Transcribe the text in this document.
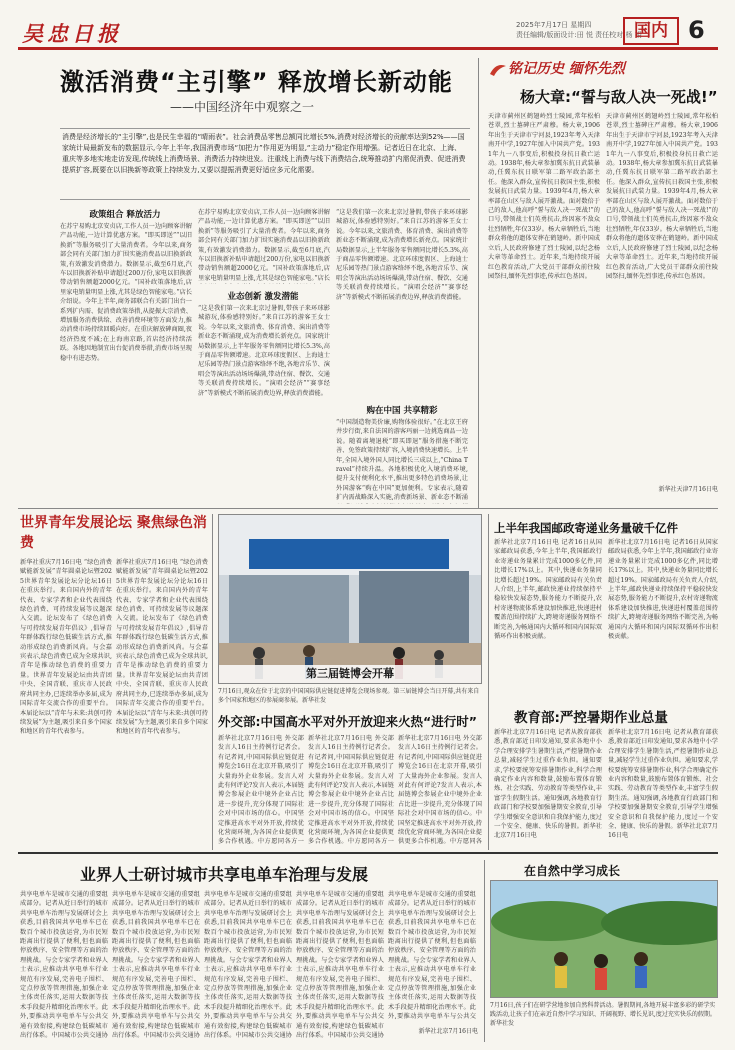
吴忠日报	2025年7月17日 星期四
责任编辑/版面设计:田 悦 责任校对:杨 娟
国内 6
激活消费“主引擎” 释放增长新动能
——中国经济年中观察之一
消费是经济增长的“主引擎”,也是民生幸福的“晴雨表”。社会消费品零售总额同比增长5%,消费对经济增长的贡献率达到52%——国家统计局最新发布的数据显示,今年上半年,我国消费市场“加把力”作用更为明显,“主动力”稳定作用增强。记者近日在北京、上海、重庆等多地实地走访发现,传统线上消费场景、消费活力持续迸发。注重线上消费与线下消费结合,统筹推动扩内需促消费、促进消费提质扩容,既要在以旧换新等政策上持续发力,又要以提振消费更好适应多元化需要。
政策组合 释放活力
在苏宁易购北京安贞店,工作人员一边向顾客讲解产品功能,一边计算优惠方案。“即买即送”“以旧换新”等服务吸引了大量消费者。今年以来,商务部会同有关部门加力扩围实施消费品以旧换新政策,有效激发消费潜力。数据显示,截至6月底,汽车以旧换新补贴申请超过200万份,家电以旧换新带动销售额超2000亿元。“国补政策落地后,店里家电销量明显上涨,尤其是绿色智能家电。”店长介绍说。今年上半年,商务部联合有关部门出台一系列扩内需、促消费政策举措,从提振大宗消费、增加服务消费供给、改善消费环境等方面发力,推动消费市场持续回暖向好。在重庆解放碑商圈,夜经济热度不减;在上海南京路,首店经济持续活跃。各地因地制宜出台促消费举措,消费市场呈现稳中有进态势。
业态创新 激发潜能
在苏宁易购北京安贞店,工作人员一边向顾客讲解产品功能,一边计算优惠方案。“即买即送”“以旧换新”等服务吸引了大量消费者。今年以来,商务部会同有关部门加力扩围实施消费品以旧换新政策,有效激发消费潜力。数据显示,截至6月底,汽车以旧换新补贴申请超过200万份,家电以旧换新带动销售额超2000亿元。“国补政策落地后,店里家电销量明显上涨,尤其是绿色智能家电。”店长
“这是我们第一次来北京过暑假,带孩子来环球影城游玩,体验感特别好。”来自江苏的游客王女士说。今年以来,文旅消费、体育消费、演出消费等新业态不断涌现,成为消费增长新亮点。国家统计局数据显示,上半年服务零售额同比增长5.3%,高于商品零售额增速。北京环球度假区、上海迪士尼乐园等热门景点游客络绎不绝,各地音乐节、演唱会等演出活动场场爆满,带动住宿、餐饮、交通等关联消费持续增长。“演唱会经济”“赛事经济”等新模式不断拓展消费边界,释放消费潜能。
“这是我们第一次来北京过暑假,带孩子来环球影城游玩,体验感特别好。”来自江苏的游客王女士说。今年以来,文旅消费、体育消费、演出消费等新业态不断涌现,成为消费增长新亮点。国家统计局数据显示,上半年服务零售额同比增长5.3%,高于商品零售额增速。北京环球度假区、上海迪士尼乐园等热门景点游客络绎不绝,各地音乐节、演唱会等演出活动场场爆满,带动住宿、餐饮、交通等关联消费持续增长。“演唱会经济”“赛事经济”等新模式不断拓展消费边界,释放消费潜能。
购在中国 共享精彩
“中国制造物美价廉,购物体验很好。”在北京王府井步行街,来自法国的游客玛丽一边挑选商品一边说。随着离境退税“即买即退”服务措施不断完善、免签政策持续扩容,入境消费快速增长。上半年,全国入境外国人同比增长三成以上,“China Travel”持续升温。各地积极优化入境消费环境,提升支付便利化水平,推出更多特色消费场景,让外国游客“购在中国”更加便利。专家表示,随着扩内需战略深入实施,消费新场景、新业态不断涌
铭记历史 缅怀先烈
杨大章:“誓与敌人决一死战!”
天津市蓟州区鹤翅岭烈士陵园,常年松柏苍翠,烈士墓碑庄严肃穆。杨大章,1906年出生于天津市宁河县,1923年考入天津南开中学,1927年加入中国共产党。1931年九一八事变后,积极投身抗日救亡运动。1938年,杨大章参加冀东抗日武装暴动,任冀东抗日联军第二路军政治部主任。他深入群众,宣传抗日救国主张,积极发展抗日武装力量。1939年4月,杨大章率部在山区与敌人展开激战。面对数倍于己的敌人,他高呼“誓与敌人决一死战!”的口号,带领战士们英勇抗击,终因寡不敌众壮烈牺牲,年仅33岁。杨大章牺牲后,当地群众将他的遗体安葬在鹤翅岭。新中国成立后,人民政府修建了烈士陵园,以纪念杨大章等革命烈士。近年来,当地持续开展红色教育活动,广大党员干部群众前往陵园祭扫,缅怀先烈事迹,传承红色基因。
天津市蓟州区鹤翅岭烈士陵园,常年松柏苍翠,烈士墓碑庄严肃穆。杨大章,1906年出生于天津市宁河县,1923年考入天津南开中学,1927年加入中国共产党。1931年九一八事变后,积极投身抗日救亡运动。1938年,杨大章参加冀东抗日武装暴动,任冀东抗日联军第二路军政治部主任。他深入群众,宣传抗日救国主张,积极发展抗日武装力量。1939年4月,杨大章率部在山区与敌人展开激战。面对数倍于己的敌人,他高呼“誓与敌人决一死战!”的口号,带领战士们英勇抗击,终因寡不敌众壮烈牺牲,年仅33岁。杨大章牺牲后,当地群众将他的遗体安葬在鹤翅岭。新中国成立后,人民政府修建了烈士陵园,以纪念杨大章等革命烈士。近年来,当地持续开展红色教育活动,广大党员干部群众前往陵园祭扫,缅怀先烈事迹,传承红色基因。
新华社天津7月16日电
世界青年发展论坛 聚焦绿色消费
新华社重庆7月16日电 “绿色消费赋能新发展”青年圆桌论坛暨2025世界青年发展论坛分论坛16日在重庆举行。来自国内外的青年代表、专家学者和企业代表围绕绿色消费、可持续发展等议题深入交流。论坛发布了《绿色消费与可持续发展青年倡议》,倡导青年群体践行绿色低碳生活方式,推动形成绿色消费新风尚。与会嘉宾表示,绿色消费已成为全球共识,青年是推动绿色消费的重要力量。世界青年发展论坛由共青团中央、全国青联、重庆市人民政府共同主办,已连续举办多届,成为国际青年交流合作的重要平台。本届论坛以“青年与未来:共创可持续发展”为主题,吸引来自多个国家和地区的青年代表参与。
新华社重庆7月16日电 “绿色消费赋能新发展”青年圆桌论坛暨2025世界青年发展论坛分论坛16日在重庆举行。来自国内外的青年代表、专家学者和企业代表围绕绿色消费、可持续发展等议题深入交流。论坛发布了《绿色消费与可持续发展青年倡议》,倡导青年群体践行绿色低碳生活方式,推动形成绿色消费新风尚。与会嘉宾表示,绿色消费已成为全球共识,青年是推动绿色消费的重要力量。世界青年发展论坛由共青团中央、全国青联、重庆市人民政府共同主办,已连续举办多届,成为国际青年交流合作的重要平台。本届论坛以“青年与未来:共创可持续发展”为主题,吸引来自多个国家和地区的青年代表参与。
第三届链博会开幕
7月16日,观众在位于北京的中国国际供应链促进博览会现场参观。第三届链博会当日开幕,共有来自多个国家和地区的参展商参展。新华社发
外交部:中国高水平对外开放迎来火热“进行时”
新华社北京7月16日电 外交部发言人16日主持例行记者会。有记者问,中国国际供应链促进博览会16日在北京开幕,吸引了大量海外企业参展。发言人对此有何评论?发言人表示,本届链博会参展企业中境外企业占比进一步提升,充分体现了国际社会对中国市场的信心。中国坚定推进高水平对外开放,持续优化营商环境,为各国企业提供更多合作机遇。中方愿同各方一
新华社北京7月16日电 外交部发言人16日主持例行记者会。有记者问,中国国际供应链促进博览会16日在北京开幕,吸引了大量海外企业参展。发言人对此有何评论?发言人表示,本届链博会参展企业中境外企业占比进一步提升,充分体现了国际社会对中国市场的信心。中国坚定推进高水平对外开放,持续优化营商环境,为各国企业提供更多合作机遇。中方愿同各方一
新华社北京7月16日电 外交部发言人16日主持例行记者会。有记者问,中国国际供应链促进博览会16日在北京开幕,吸引了大量海外企业参展。发言人对此有何评论?发言人表示,本届链博会参展企业中境外企业占比进一步提升,充分体现了国际社会对中国市场的信心。中国坚定推进高水平对外开放,持续优化营商环境,为各国企业提供更多合作机遇。中方愿同各
上半年我国邮政寄递业务量破千亿件
新华社北京7月16日电 记者16日从国家邮政局获悉,今年上半年,我国邮政行业寄递业务量累计完成1000多亿件,同比增长17%以上。其中,快递业务量同比增长超过19%。国家邮政局有关负责人介绍,上半年,邮政快递业持续保持平稳较快发展态势,服务能力不断提升,农村寄递物流体系建设加快推进,快递进村覆盖范围持续扩大,跨境寄递服务网络不断完善,为畅通国内大循环和国内国际双循环作出积极贡献。
新华社北京7月16日电 记者16日从国家邮政局获悉,今年上半年,我国邮政行业寄递业务量累计完成1000多亿件,同比增长17%以上。其中,快递业务量同比增长超过19%。国家邮政局有关负责人介绍,上半年,邮政快递业持续保持平稳较快发展态势,服务能力不断提升,农村寄递物流体系建设加快推进,快递进村覆盖范围持续扩大,跨境寄递服务网络不断完善,为畅通国内大循环和国内国际双循环作出积极贡献。
教育部:严控暑期作业总量
新华社北京7月16日电 记者从教育部获悉,教育部近日印发通知,要求各地中小学合理安排学生暑期生活,严控暑期作业总量,减轻学生过重作业负担。通知要求,学校要统筹安排暑期作业,科学合理确定作业内容和数量,鼓励布置体育锻炼、社会实践、劳动教育等类型作业,丰富学生假期生活。通知强调,各地教育行政部门和学校要加强暑期安全教育,引导学生增强安全意识和自我保护能力,度过一个安全、健康、快乐的暑假。新华社北京7月16日电
新华社北京7月16日电 记者从教育部获悉,教育部近日印发通知,要求各地中小学合理安排学生暑期生活,严控暑期作业总量,减轻学生过重作业负担。通知要求,学校要统筹安排暑期作业,科学合理确定作业内容和数量,鼓励布置体育锻炼、社会实践、劳动教育等类型作业,丰富学生假期生活。通知强调,各地教育行政部门和学校要加强暑期安全教育,引导学生增强安全意识和自我保护能力,度过一个安全、健康、快乐的暑假。新华社北京7月16日电
业界人士研讨城市共享电单车治理与发展
共享电单车是城市交通的重要组成部分。记者从近日举行的城市共享电单车治理与发展研讨会上获悉,目前我国共享电单车已在数百个城市投放运营,为市民短距离出行提供了便利,但也面临停放秩序、安全管理等方面的治理挑战。与会专家学者和业界人士表示,应推动共享电单车行业规范有序发展,完善电子围栏、定点停放等管理措施,加强企业主体责任落实,运用大数据等技术手段提升精细化治理水平。此外,要推动共享电单车与公共交通有效衔接,构建绿色低碳城市出行体系。中国城市公共交通协
共享电单车是城市交通的重要组成部分。记者从近日举行的城市共享电单车治理与发展研讨会上获悉,目前我国共享电单车已在数百个城市投放运营,为市民短距离出行提供了便利,但也面临停放秩序、安全管理等方面的治理挑战。与会专家学者和业界人士表示,应推动共享电单车行业规范有序发展,完善电子围栏、定点停放等管理措施,加强企业主体责任落实,运用大数据等技术手段提升精细化治理水平。此外,要推动共享电单车与公共交通有效衔接,构建绿色低碳城市出行体系。中国城市公共交通协
共享电单车是城市交通的重要组成部分。记者从近日举行的城市共享电单车治理与发展研讨会上获悉,目前我国共享电单车已在数百个城市投放运营,为市民短距离出行提供了便利,但也面临停放秩序、安全管理等方面的治理挑战。与会专家学者和业界人士表示,应推动共享电单车行业规范有序发展,完善电子围栏、定点停放等管理措施,加强企业主体责任落实,运用大数据等技术手段提升精细化治理水平。此外,要推动共享电单车与公共交通有效衔接,构建绿色低碳城市出行体系。中国城市公共交通协
共享电单车是城市交通的重要组成部分。记者从近日举行的城市共享电单车治理与发展研讨会上获悉,目前我国共享电单车已在数百个城市投放运营,为市民短距离出行提供了便利,但也面临停放秩序、安全管理等方面的治理挑战。与会专家学者和业界人士表示,应推动共享电单车行业规范有序发展,完善电子围栏、定点停放等管理措施,加强企业主体责任落实,运用大数据等技术手段提升精细化治理水平。此外,要推动共享电单车与公共交通有效衔接,构建绿色低碳城市出行体系。中国城市公共交通协
共享电单车是城市交通的重要组成部分。记者从近日举行的城市共享电单车治理与发展研讨会上获悉,目前我国共享电单车已在数百个城市投放运营,为市民短距离出行提供了便利,但也面临停放秩序、安全管理等方面的治理挑战。与会专家学者和业界人士表示,应推动共享电单车行业规范有序发展,完善电子围栏、定点停放等管理措施,加强企业主体责任落实,运用大数据等技术手段提升精细化治理水平。此外,要推动共享电单车与公共交
新华社北京7月16日电
在自然中学习成长
7月16日,孩子们在研学营地参加自然科普活动。暑假期间,各地开展丰富多彩的研学实践活动,让孩子们在亲近自然中学习知识、开阔视野、增长见识,度过充实快乐的假期。新华社发
